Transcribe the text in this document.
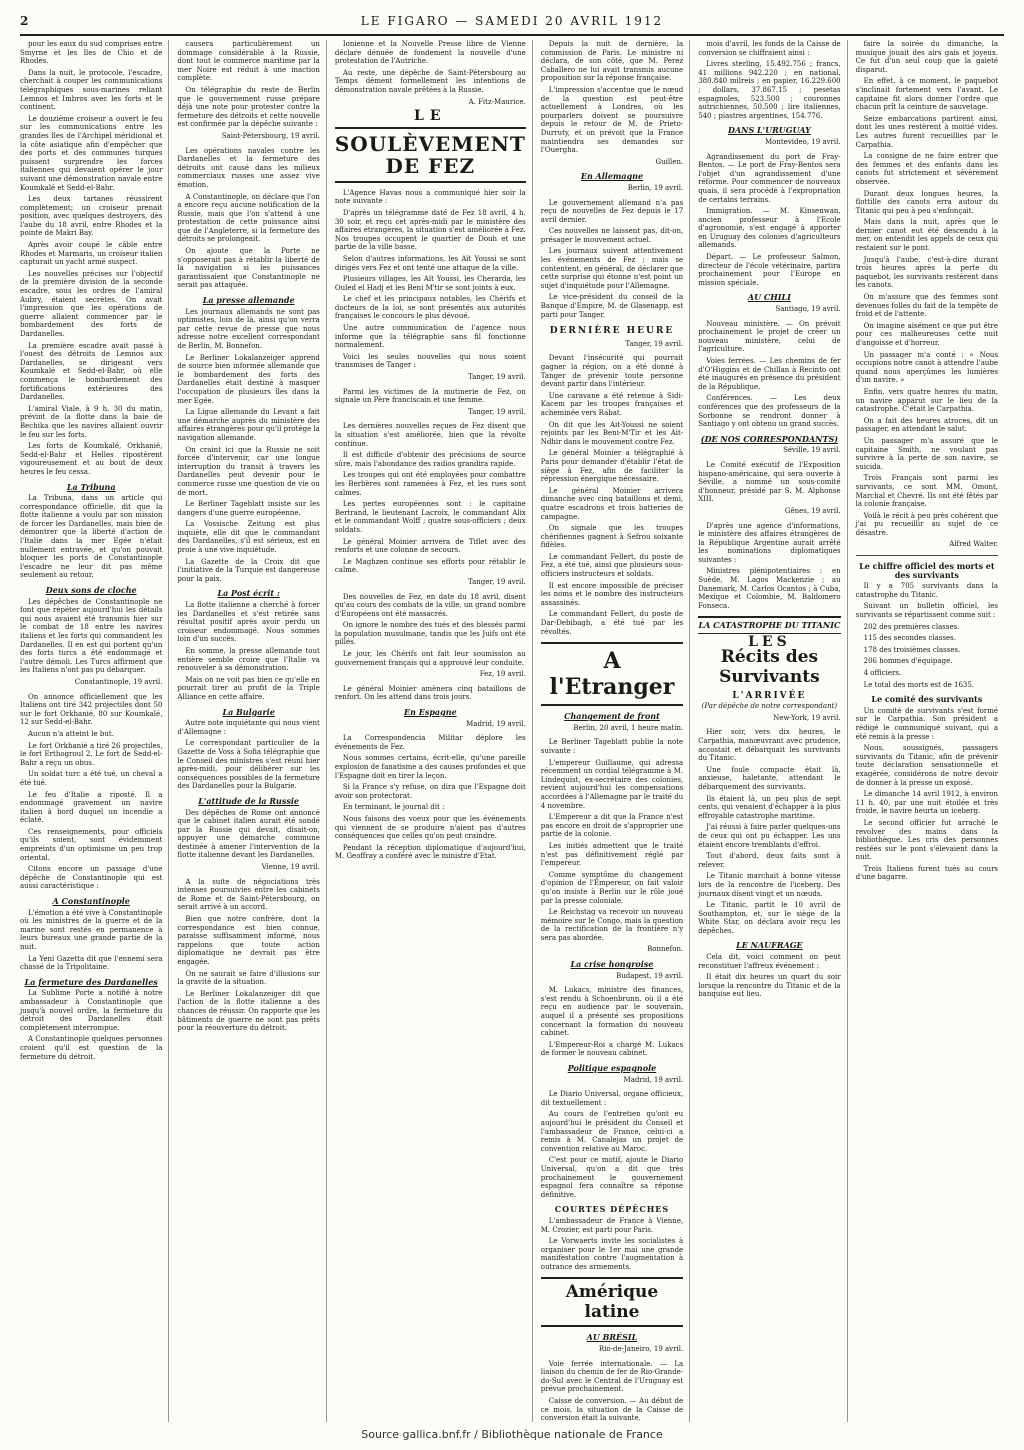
2	LE FIGARO — SAMEDI 20 AVRIL 1912

pour les eaux du sud comprises entre Smyrne et les îles de Chio et de Rhodes.

Dans la nuit, le protocole, l'escadre, cherchait à couper les communications télégraphiques sous-marines reliant Lemnos et Imbros avec les forts et le continent.

Le douzième croiseur a ouvert le feu sur les communications entre les grandes îles de l'Archipel méridional et la côte asiatique afin d'empêcher que des ports et des communes turques puissent surprendre les forces italiennes qui devaient opérer le jour suivant une démonstration navale entre Koumkalé et Sedd-el-Bahr.

Les deux tartanes réussirent complètement; un croiseur prenait position, avec quelques destroyers, dès l'aube du 18 avril, entre Rhodes et la pointe de Makri Bay.

Après avoir coupé le câble entre Rhodes et Marmaris, un croiseur italien capturait un yacht armé suspect.

Les nouvelles précises sur l'objectif de la première division de la seconde escadre, sous les ordres de l'amiral Aubry, étaient secrètes. On avait l'impression que les opérations de guerre allaient commencer par le bombardement des forts de Dardanelles.

La première escadre avait passé à l'ouest des détroits de Lemnos aux Dardanelles, se dirigeant vers Koumkalé et Sedd-el-Bahr, où elle commença le bombardement des fortifications extérieures des Dardanelles.

L'amiral Viale, à 9 h. 30 du matin, prévint de la flotte dans la baie de Bechika que les navires allaient ouvrir le feu sur les forts.

Les forts de Koumkalé, Orkhanié, Sedd-el-Bahr et Helles ripostèrent vigoureusement et au bout de deux heures le feu cessa.

La Tribuna

La Tribuna, dans un article qui correspondance officielle, dit que la flotte italienne a voulu par son mission de forcer les Dardanelles, mais bien de démontrer que la liberté d'action de l'Italie dans la mer Egée n'était nullement entravée, et qu'on pouvait bloquer les ports de Constantinople l'escadre ne leur dit pas même seulement au retour.

Deux sons de cloche

Les dépêches de Constantinople ne font que répéter aujourd'hui les détails qui nous avaient été transmis hier sur le combat de 18 entre les navires italiens et les forts qui commandent les Dardanelles. Il en est qui portent qu'un des forts turcs a été endommagé et l'autre démoli. Les Turcs affirment que les Italiens n'ont pas pu débarquer.

Constantinople, 19 avril.

On annonce officiellement que les Italiens ont tiré 342 projectiles dont 50 sur le fort Orkhanié, 80 sur Koumkalé, 12 sur Sedd-el-Bahr.

Aucun n'a atteint le but.

Le fort Orkhanié a tiré 26 projectiles, le fort Erthogroul 2. Le fort de Sedd-el-Bahr a reçu un obus.

Un soldat turc a été tué, un cheval a été tué.

Le feu d'Italie a riposté. Il a endommagé gravement un navire italien à bord duquel un incendie a éclaté.

Ces renseignements, pour officiels qu'ils soient, sont évidemment empreints d'un optimisme un peu trop oriental.

Citons encore un passage d'une dépêche de Constantinople qui est aussi caractéristique :

A Constantinople

L'émotion a été vive à Constantinople où les ministres de la guerre et de la marine sont restés en permanence à leurs bureaux une grande partie de la nuit.

La Yeni Gazetta dit que l'ennemi sera chassé de la Tripolitaine.

La fermeture des Dardanelles

La Sublime Porte a notifié à notre ambassadeur à Constantinople que jusqu'à nouvel ordre, la fermeture du détroit des Dardanelles était complètement interrompue.

A Constantinople quelques personnes croient qu'il est question de la fermeture du détroit.

causera particulièrement un dommage considérable à la Russie, dont tout le commerce maritime par la mer Noire est réduit à une inaction complète.

On télégraphie du reste de Berlin que le gouvernement russe prépare déjà une note pour protester contre la fermeture des détroits et cette nouvelle est confirmée par la dépêche suivante :

Saint-Pétersbourg, 19 avril.

Les opérations navales contre les Dardanelles et la fermeture des détroits ont causé dans les milieux commerciaux russes une assez vive émotion.

A Constantinople, on déclare que l'on a encore reçu aucune notification de la Russie, mais que l'on s'attend à une protestation de cette puissance ainsi que de l'Angleterre, si la fermeture des détroits se prolongeait.

On ajoute que la Porte ne s'opposerait pas à rétablir la liberté de la navigation si les puissances garantissaient que Constantinople ne serait pas attaquée.

La presse allemande

Les journaux allemands ne sont pas optimistes, loin de là, ainsi qu'on verra par cette revue de presse que nous adresse notre excellent correspondant de Berlin, M. Bonnefon.

Le Berliner Lokalanzeiger apprend de source bien informée allemande que le bombardement des forts des Dardanelles était destiné à masquer l'occupation de plusieurs îles dans la mer Egée.

La Ligue allemande du Levant a fait une démarche auprès du ministère des affaires étrangères pour qu'il protège la navigation allemande.

On craint ici que la Russie ne soit forcée d'intervenir, car une longue interruption du transit à travers les Dardanelles peut devenir pour le commerce russe une question de vie ou de mort.

Le Berliner Tageblatt insiste sur les dangers d'une guerre européenne.

La Vossische Zeitung est plus inquiète, elle dit que le commandant des Dardanelles, s'il est sérieux, est en proie à une vive inquiétude.

La Gazette de la Croix dit que l'initiative de la Turquie est dangereuse pour la paix.

La Post écrit :

La flotte italienne a cherché à forcer les Dardanelles et s'est retirée sans résultat positif après avoir perdu un croiseur endommagé. Nous sommes loin d'un succès.

En somme, la presse allemande tout entière semble croire que l'Italie va renouveler à sa démonstration.

Mais on ne voit pas bien ce qu'elle en pourrait tirer au profit de la Triple Alliance en cette affaire.

La Bulgarie

Autre note inquiétante qui nous vient d'Allemagne :

Le correspondant particulier de la Gazette de Voss à Sofia télégraphie que le Conseil des ministres s'est réuni hier après-midi, pour délibérer sur les conséquences possibles de la fermeture des Dardanelles pour la Bulgarie.

L'attitude de la Russie

Des dépêches de Rome ont annoncé que le cabinet italien aurait été sondé par la Russie qui devait, disait-on, appuyer une démarche commune destinée à amener l'intervention de la flotte italienne devant les Dardanelles.

Vienne, 19 avril.

A la suite de négociations très intenses poursuivies entre les cabinets de Rome et de Saint-Pétersbourg, on serait arrivé à un accord.

Bien que notre confrère, dont la correspondance est bien connue, paraisse suffisamment informé, nous rappelons que toute action diplomatique ne devrait pas être engagée.

On ne saurait se faire d'illusions sur la gravité de la situation.

Le Berliner Lokalanzeiger dit que l'action de la flotte italienne a des chances de réussir. On rapporte que les bâtiments de guerre ne sont pas prêts pour la réouverture du détroit.

Ionienne et la Nouvelle Presse libre de Vienne déclare dénuée de fondement la nouvelle d'une protestation de l'Autriche.

Au reste, une dépêche de Saint-Pétersbourg au Temps dément formellement les intentions de démonstration navale prêtées à la Russie.

A. Fitz-Maurice.
LE
SOULÈVEMENT DE FEZ

L'Agence Havas nous a communiqué hier soir la note suivante :

D'après un télégramme daté de Fez 18 avril, 4 h. 30 soir, et reçu cet après-midi par le ministère des affaires étrangères, la situation s'est améliorée à Fez. Nos troupes occupent le quartier de Douh et une partie de la ville basse.

Selon d'autres informations, les Aït Youssi se sont dirigés vers Fez et ont tenté une attaque de la ville.

Plusieurs villages, les Aït Youssi, les Cherarda, les Ouled el Hadj et les Beni M'tir se sont joints à eux.

Le chef et les principaux notables, les Chérifs et docteurs de la loi, se sont présentés aux autorités françaises le concours le plus dévoué.

Une autre communication de l'agence nous informe que la télégraphie sans fil fonctionne normalement.

Voici les seules nouvelles qui nous soient transmises de Tanger :

Tanger, 19 avril.

Parmi les victimes de la mutinerie de Fez, on signale un Père franciscain et une femme.

Tanger, 19 avril.

Les dernières nouvelles reçues de Fez disent que la situation s'est améliorée, bien que la révolte continue.

Il est difficile d'obtenir des précisions de source sûre, mais l'abondance des radios grandira rapide.

Les troupes qui ont été employées pour combattre les Berbères sont ramenées à Fez, et les rues sont calmes.

Les pertes européennes sont : le capitaine Bertrand, le lieutenant Lacroix, le commandant Alix et le commandant Wolff ; quatre sous-officiers ; deux soldats.

Le général Moinier arrivera de Tiflet avec des renforts et une colonne de secours.

Le Maghzen continue ses efforts pour rétablir le calme.

Tanger, 19 avril.

Des nouvelles de Fez, en date du 18 avril, disent qu'au cours des combats de la ville, un grand nombre d'Européens ont été massacrés.

On ignore le nombre des tués et des blessés parmi la population musulmane, tandis que les Juifs ont été pillés.

Le jour, les Chérifs ont fait leur soumission au gouvernement français qui a approuvé leur conduite.

Fez, 19 avril.

Le général Moinier amènera cinq bataillons de renfort. On les attend dans trois jours.

En Espagne
Madrid, 19 avril.

La Correspondencia Militar déplore les événements de Fez.

Nous sommes certains, écrit-elle, qu'une pareille explosion de fanatisme a des causes profondes et que l'Espagne doit en tirer la leçon.

Si la France s'y refuse, on dira que l'Espagne doit avoir son protectorat.

En terminant, le journal dit :

Nous faisons des voeux pour que les événements qui viennent de se produire n'aient pas d'autres conséquences que celles qu'on peut craindre.

Pendant la réception diplomatique d'aujourd'hui, M. Geoffray a conféré avec le ministre d'Etat.

Depuis la nuit de dernière, la commission de Paris. Le ministre ni déclara, de son côté, que M. Perez Caballero ne lui avait transmis aucune proposition sur la réponse française.

L'impression s'accentue que le nœud de la question est peut-être actuellement à Londres, où les pourparlers doivent se poursuivre depuis le retour de M. de Prieto-Durruty, et on prévoit que la France maintiendra ses demandes sur l'Ouergha.

Guillen.
En Allemagne
Berlin, 19 avril.

Le gouvernement allemand n'a pas reçu de nouvelles de Fez depuis le 17 avril dernier.

Ces nouvelles ne laissent pas, dit-on, présager le mouvement actuel.

Les journaux suivent attentivement les événements de Fez ; mais se contentent, en général, de déclarer que cette surprise qui étonne n'est point un sujet d'inquiétude pour l'Allemagne.

Le vice-président du conseil de la Banque d'Empire, M. de Glasenapp, est parti pour Tanger.

DERNIÈRE HEURE
Tanger, 19 avril.

Devant l'insécurité qui pourrait gagner la région, on a été donné à Tanger de prévenir toute personne devant partir dans l'intérieur.

Une caravane a été retenue à Sidi-Kacem par les troupes françaises et acheminée vers Rabat.

On dit que les Ait-Youssi ne soient rejoints par les Beni-M'Tir et les Ait-Ndhir dans le mouvement contre Fez.

Le général Moinier a télégraphié à Paris pour demander d'établir l'état de siège à Fez, afin de faciliter la répression énergique nécessaire.

Le général Moinier arrivera dimanche avec cinq bataillons et demi, quatre escadrons et trois batteries de campagne.

On signale que les troupes chérifiennes gagnent à Sefrou soixante fidèles.

Le commandant Fellert, du poste de Fez, a été tué, ainsi que plusieurs sous-officiers instructeurs et soldats.

Il est encore impossible de préciser les noms et le nombre des instructeurs assassinés.

Le commandant Fellert, du poste de Dar-Debibagh, a été tué par les révoltés.

A l'Etranger
Changement de front
Berlin, 20 avril, 1 heure matin.

Le Berliner Tageblatt publie la note suivante :

L'empereur Guillaume, qui adressa récemment un cordial télégramme à M. Lindequist, ex-secrétaire des colonies, revient aujourd'hui les compensations accordées à l'Allemagne par le traité du 4 novembre.

L'Empereur a dit que la France n'est pas encore en droit de s'approprier une partie de la colonie.

Les initiés admettent que le traité n'est pas définitivement réglé par l'empereur.

Comme symptôme du changement d'opinion de l'Empereur, on fait valoir qu'on insiste à Berlin sur le rôle joué par la presse coloniale.

Le Reichstag va recevoir un nouveau mémoire sur le Congo, mais la question de la rectification de la frontière n'y sera pas abordée.

Bonnefon.
La crise hongroise
Budapest, 19 avril.

M. Lukacs, ministre des finances, s'est rendu à Schoenbrunn, où il a été reçu en audience par le souverain, auquel il a présenté ses propositions concernant la formation du nouveau cabinet.

L'Empereur-Roi a chargé M. Lukacs de former le nouveau cabinet.

Politique espagnole
Madrid, 19 avril.

Le Diario Universal, organe officieux, dit textuellement :

Au cours de l'entretien qu'ont eu aujourd'hui le président du Conseil et l'ambassadeur de France, celui-ci a remis à M. Canalejas un projet de convention relative au Maroc.

C'est pour ce motif, ajoute le Diario Universal, qu'on a dit que très prochainement le gouvernement espagnol fera connaître sa réponse définitive.

COURTES DÉPÊCHES

L'ambassadeur de France à Vienne, M. Crozier, est parti pour Paris.

Le Vorwaerts invite les socialistes à organiser pour le 1er mai une grande manifestation contre l'augmentation à outrance des armements.

Amérique latine
AU BRÉSIL
Rio-de-Janeiro, 19 avril.

Voie ferrée internationale. — La liaison du chemin de fer de Rio-Grande-do-Sul avec le Central de l'Uruguay est prévue prochainement.

Caisse de conversion. — Au début de ce mois, la situation de la Caisse de conversion était la suivante.

mois d'avril, les fonds de la Caisse de conversion se chiffraient ainsi :

Livres sterling, 15.492.756 ; francs, 41 millions 942.220 ; en national, 380.840 milreis ; en papier, 16.229.600 ; dollars, 37.867.15 ; pesetas espagnoles, 523.500 ; couronnes autrichiennes, 50.500 ; lire italiennes, 540 ; piastres argentines, 154.776.

DANS L'URUGUAY
Montevideo, 19 avril.

Agrandissement du port de Fray-Bentos. — Le port de Fray-Bentos sera l'objet d'un agrandissement d'une réforme. Pour commencer de nouveaux quais, il sera procédé à l'expropriation de certains terrains.

Immigration. — M. Kinsenwan, ancien professeur à l'Ecole d'agronomie, s'est engagé à apporter en Uruguay des colonies d'agriculteurs allemands.

Départ. — Le professeur Salmon, directeur de l'école vétérinaire, partira prochainement pour l'Europe en mission spéciale.

AU CHILI
Santiago, 19 avril.

Nouveau ministère. — On prévoit prochainement le projet de créer un nouveau ministère, celui de l'agriculture.

Voies ferrées. — Les chemins de fer d'O'Higgins et de Chillan à Recinto ont été inaugurés en présence du président de la République.

Conférences. — Les deux conférences que des professeurs de la Sorbonne se rendront donner à Santiago y ont obtenu un grand succès.

(DE NOS CORRESPONDANTS)
Séville, 19 avril.

Le Comité exécutif de l'Exposition hispano-américaine, qui sera ouverte à Séville, a nommé un sous-comité d'honneur, présidé par S. M. Alphonse XIII.

Gênes, 19 avril.

D'après une agence d'informations, le ministère des affaires étrangères de la République Argentine aurait arrêté les nominations diplomatiques suivantes :

Ministres plénipotentiaires : en Suède, M. Lagos Mackenzie ; au Danemark, M. Carlos Ocantos ; à Cuba, Mexique et Colombie, M. Baldomero Fonseca.

LA CATASTROPHE DU TITANIC
LES
Récits des Survivants
L'ARRIVÉE
(Par dépêche de notre correspondant)
New-York, 19 avril.

Hier soir, vers dix heures, le Carpathia, manœuvrant avec prudence, accostait et débarquait les survivants du Titanic.

Une foule compacte était là, anxieuse, haletante, attendant le débarquement des survivants.

Ils étaient là, un peu plus de sept cents, qui venaient d'échapper à la plus effroyable catastrophe maritime.

J'ai réussi à faire parler quelques-uns de ceux qui ont pu échapper. Les uns étaient encore tremblants d'effroi.

Tout d'abord, deux faits sont à relever.

Le Titanic marchait à bonne vitesse lors de la rencontre de l'iceberg. Des journaux disent vingt et un nœuds.

Le Titanic, partit le 10 avril de Southampton, et, sur le siège de la White Star, on déclara avoir reçu les dépêches.

LE NAUFRAGE

Cela dit, voici comment on peut reconstituer l'affreux événement :

Il était dix heures un quart du soir lorsque la rencontre du Titanic et de la banquise eut lieu.

faire la soirée du dimanche, la musique jouait des airs gais et joyeux. Ce fut d'un seul coup que la gaieté disparut.

En effet, à ce moment, le paquebot s'inclinait fortement vers l'avant. Le capitaine fit alors donner l'ordre que chacun prît la ceinture de sauvetage.

Seize embarcations partirent ainsi, dont les unes restèrent à moitié vides. Les autres furent recueillies par le Carpathia.

La consigne de ne faire entrer que des femmes et des enfants dans les canots fut strictement et sévèrement observée.

Durant deux longues heures, la flottille des canots erra autour du Titanic qui peu à peu s'enfonçait.

Mais dans la nuit, après que le dernier canot eut été descendu à la mer, on entendit les appels de ceux qui restaient sur le pont.

Jusqu'à l'aube, c'est-à-dire durant trois heures après la perte du paquebot, les survivants restèrent dans les canots.

On m'assure que des femmes sont devenues folles du fait de la tempête de froid et de l'attente.

On imagine aisément ce que put être pour ces malheureuses cette nuit d'angoisse et d'horreur.

Un passager m'a conté : « Nous occupions notre canot à attendre l'aube quand nous aperçûmes les lumières d'un navire. »

Enfin, vers quatre heures du matin, un navire apparut sur le lieu de la catastrophe. C'était le Carpathia.

On a fait des heures atroces, dit un passager, en attendant le salut.

Un passager m'a assuré que le capitaine Smith, ne voulant pas survivre à la perte de son navire, se suicida.

Trois Français sont parmi les survivants, ce sont MM. Omont, Marchal et Chevré. Ils ont été fêtés par la colonie française.

Voilà le récit à peu près cohérent que j'ai pu recueillir au sujet de ce désastre.

Alfred Walter.
Le chiffre officiel des morts et des survivants

Il y a 705 survivants dans la catastrophe du Titanic.

Suivant un bulletin officiel, les survivants se répartissent comme suit :

202 des premières classes.

115 des secondes classes.

178 des troisièmes classes.

206 hommes d'équipage.

4 officiers.

Le total des morts est de 1635.

Le comité des survivants

Un comité de survivants s'est formé sur le Carpathia. Son président a rédigé le communiqué suivant, qui a été remis à la presse :

Nous, soussignés, passagers survivants du Titanic, afin de prévenir toute déclaration sensationnelle et exagérée, considérons de notre devoir de donner à la presse un exposé.

Le dimanche 14 avril 1912, à environ 11 h. 40, par une nuit étoilée et très froide, le navire heurta un iceberg.

Le second officier fut arraché le revolver des mains dans la bibliothèque. Les cris des personnes restées sur le pont s'élevaient dans la nuit.

Trois Italiens furent tués au cours d'une bagarre.

Source gallica.bnf.fr / Bibliothèque nationale de France
